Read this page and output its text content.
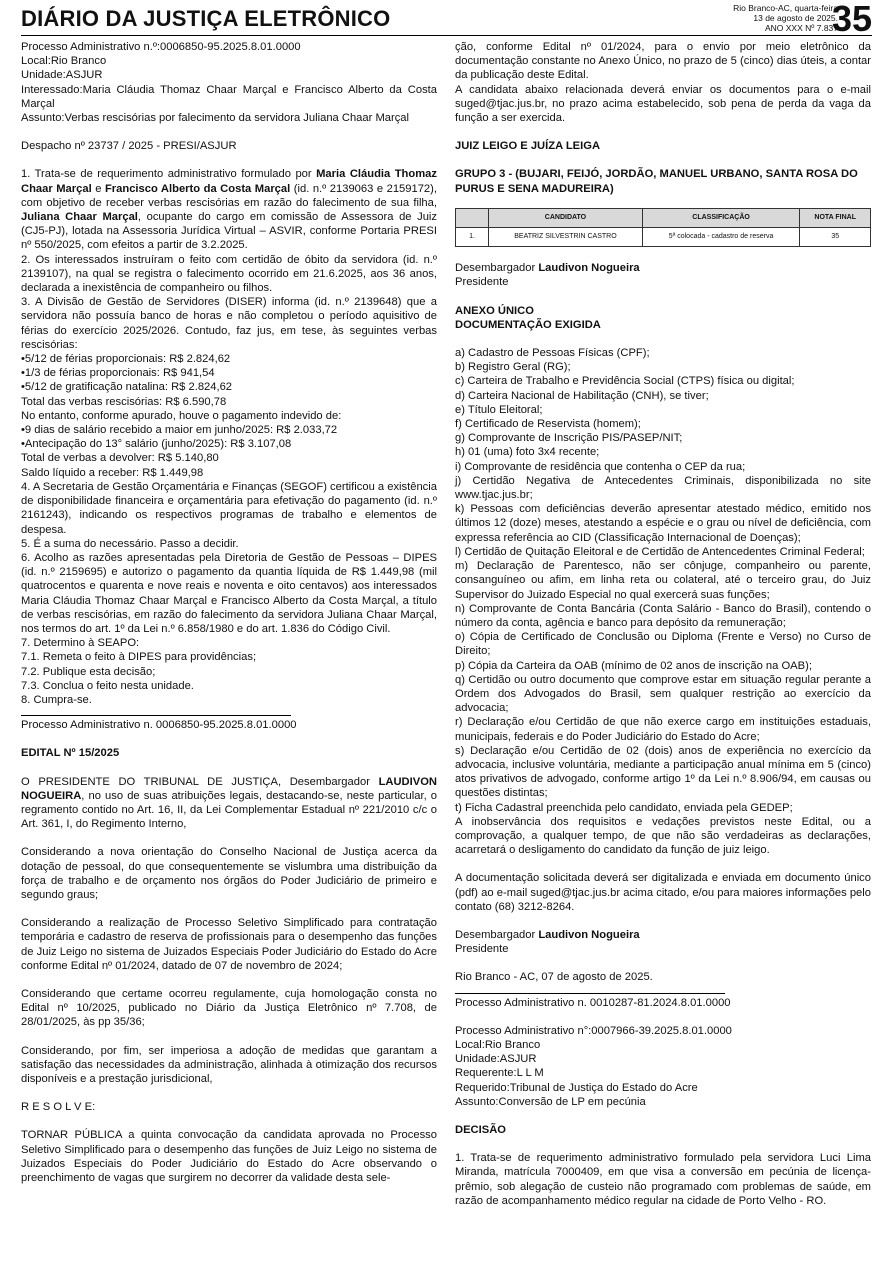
DIÁRIO DA JUSTIÇA ELETRÔNICO	Rio Branco-AC, quarta-feira
13 de agosto de 2025.
ANO XXX Nº 7.837
35

Processo Administrativo n.º:0006850-95.2025.8.01.0000

Local:Rio Branco

Unidade:ASJUR

Interessado:Maria Cláudia Thomaz Chaar Marçal e Francisco Alberto da Costa Marçal

Assunto:Verbas rescisórias por falecimento da servidora Juliana Chaar Marçal

Despacho nº 23737 / 2025 - PRESI/ASJUR

1. Trata-se de requerimento administrativo formulado por Maria Cláudia Thomaz Chaar Marçal e Francisco Alberto da Costa Marçal (id. n.º 2139063 e 2159172), com objetivo de receber verbas rescisórias em razão do falecimento de sua filha, Juliana Chaar Marçal, ocupante do cargo em comissão de Assessora de Juiz (CJ5-PJ), lotada na Assessoria Jurídica Virtual – ASVIR, conforme Portaria PRESI nº 550/2025, com efeitos a partir de 3.2.2025.

2. Os interessados instruíram o feito com certidão de óbito da servidora (id. n.º 2139107), na qual se registra o falecimento ocorrido em 21.6.2025, aos 36 anos, declarada a inexistência de companheiro ou filhos.

3. A Divisão de Gestão de Servidores (DISER) informa (id. n.º 2139648) que a servidora não possuía banco de horas e não completou o período aquisitivo de férias do exercício 2025/2026. Contudo, faz jus, em tese, às seguintes verbas rescisórias:

•5/12 de férias proporcionais: R$ 2.824,62

•1/3 de férias proporcionais: R$ 941,54

•5/12 de gratificação natalina: R$ 2.824,62

Total das verbas rescisórias: R$ 6.590,78

No entanto, conforme apurado, houve o pagamento indevido de:

•9 dias de salário recebido a maior em junho/2025: R$ 2.033,72

•Antecipação do 13° salário (junho/2025): R$ 3.107,08

Total de verbas a devolver: R$ 5.140,80

Saldo líquido a receber: R$ 1.449,98

4. A Secretaria de Gestão Orçamentária e Finanças (SEGOF) certificou a existência de disponibilidade financeira e orçamentária para efetivação do pagamento (id. n.º 2161243), indicando os respectivos programas de trabalho e elementos de despesa.

5. É a suma do necessário. Passo a decidir.

6. Acolho as razões apresentadas pela Diretoria de Gestão de Pessoas – DIPES (id. n.º 2159695) e autorizo o pagamento da quantia líquida de R$ 1.449,98 (mil quatrocentos e quarenta e nove reais e noventa e oito centavos) aos interessados Maria Cláudia Thomaz Chaar Marçal e Francisco Alberto da Costa Marçal, a título de verbas rescisórias, em razão do falecimento da servidora Juliana Chaar Marçal, nos termos do art. 1º da Lei n.º 6.858/1980 e do art. 1.836 do Código Civil.

7. Determino à SEAPO:

7.1. Remeta o feito à DIPES para providências;

7.2. Publique esta decisão;

7.3. Conclua o feito nesta unidade.

8. Cumpra-se.

Processo Administrativo n. 0006850-95.2025.8.01.0000

EDITAL Nº 15/2025

O PRESIDENTE DO TRIBUNAL DE JUSTIÇA, Desembargador LAUDIVON NOGUEIRA, no uso de suas atribuições legais, destacando-se, neste particular, o regramento contido no Art. 16, II, da Lei Complementar Estadual nº 221/2010 c/c o Art. 361, I, do Regimento Interno,

Considerando a nova orientação do Conselho Nacional de Justiça acerca da dotação de pessoal, do que consequentemente se vislumbra uma distribuição da força de trabalho e de orçamento nos órgãos do Poder Judiciário de primeiro e segundo graus;

Considerando a realização de Processo Seletivo Simplificado para contratação temporária e cadastro de reserva de profissionais para o desempenho das funções de Juiz Leigo no sistema de Juizados Especiais Poder Judiciário do Estado do Acre conforme Edital nº 01/2024, datado de 07 de novembro de 2024;

Considerando que certame ocorreu regulamente, cuja homologação consta no Edital nº 10/2025, publicado no Diário da Justiça Eletrônico nº 7.708, de 28/01/2025, às pp 35/36;

Considerando, por fim, ser imperiosa a adoção de medidas que garantam a satisfação das necessidades da administração, alinhada à otimização dos recursos disponíveis e a prestação jurisdicional,

R E S O L V E:

TORNAR PÚBLICA a quinta convocação da candidata aprovada no Processo Seletivo Simplificado para o desempenho das funções de Juiz Leigo no sistema de Juizados Especiais do Poder Judiciário do Estado do Acre observando o preenchimento de vagas que surgirem no decorrer da validade desta sele-

ção, conforme Edital nº 01/2024, para o envio por meio eletrônico da documentação constante no Anexo Único, no prazo de 5 (cinco) dias úteis, a contar da publicação deste Edital.

A candidata abaixo relacionada deverá enviar os documentos para o e-mail suged@tjac.jus.br, no prazo acima estabelecido, sob pena de perda da vaga da função a ser exercida.

JUIZ LEIGO E JUÍZA LEIGA

GRUPO 3 - (BUJARI, FEIJÓ, JORDÃO, MANUEL URBANO, SANTA ROSA DO PURUS E SENA MADUREIRA)

	CANDIDATO	CLASSIFICAÇÃO	NOTA FINAL
1.	BEATRIZ SILVESTRIN CASTRO	5ª colocada - cadastro de reserva	35

Desembargador Laudivon Nogueira

Presidente

ANEXO ÚNICO

DOCUMENTAÇÃO EXIGIDA

a) Cadastro de Pessoas Físicas (CPF);

b) Registro Geral (RG);

c) Carteira de Trabalho e Previdência Social (CTPS) física ou digital;

d) Carteira Nacional de Habilitação (CNH), se tiver;

e) Título Eleitoral;

f) Certificado de Reservista (homem);

g) Comprovante de Inscrição PIS/PASEP/NIT;

h) 01 (uma) foto 3x4 recente;

i) Comprovante de residência que contenha o CEP da rua;

j) Certidão Negativa de Antecedentes Criminais, disponibilizada no site www.tjac.jus.br;

k) Pessoas com deficiências deverão apresentar atestado médico, emitido nos últimos 12 (doze) meses, atestando a espécie e o grau ou nível de deficiência, com expressa referência ao CID (Classificação Internacional de Doenças);

l) Certidão de Quitação Eleitoral e de Certidão de Antencedentes Criminal Federal;

m) Declaração de Parentesco, não ser cônjuge, companheiro ou parente, consanguíneo ou afim, em linha reta ou colateral, até o terceiro grau, do Juiz Supervisor do Juizado Especial no qual exercerá suas funções;

n) Comprovante de Conta Bancária (Conta Salário - Banco do Brasil), contendo o número da conta, agência e banco para depósito da remuneração;

o) Cópia de Certificado de Conclusão ou Diploma (Frente e Verso) no Curso de Direito;

p) Cópia da Carteira da OAB (mínimo de 02 anos de inscrição na OAB);

q) Certidão ou outro documento que comprove estar em situação regular perante a Ordem dos Advogados do Brasil, sem qualquer restrição ao exercício da advocacia;

r) Declaração e/ou Certidão de que não exerce cargo em instituições estaduais, municipais, federais e do Poder Judiciário do Estado do Acre;

s) Declaração e/ou Certidão de 02 (dois) anos de experiência no exercício da advocacia, inclusive voluntária, mediante a participação anual mínima em 5 (cinco) atos privativos de advogado, conforme artigo 1º da Lei n.º 8.906/94, em causas ou questões distintas;

t) Ficha Cadastral preenchida pelo candidato, enviada pela GEDEP;

A inobservância dos requisitos e vedações previstos neste Edital, ou a comprovação, a qualquer tempo, de que não são verdadeiras as declarações, acarretará o desligamento do candidato da função de juiz leigo.

A documentação solicitada deverá ser digitalizada e enviada em documento único (pdf) ao e-mail suged@tjac.jus.br acima citado, e/ou para maiores informações pelo contato (68) 3212-8264.

Desembargador Laudivon Nogueira

Presidente

Rio Branco - AC, 07 de agosto de 2025.

Processo Administrativo n. 0010287-81.2024.8.01.0000

Processo Administrativo n°:0007966-39.2025.8.01.0000

Local:Rio Branco

Unidade:ASJUR

Requerente:L L M

Requerido:Tribunal de Justiça do Estado do Acre

Assunto:Conversão de LP em pecúnia

DECISÃO

1. Trata-se de requerimento administrativo formulado pela servidora Luci Lima Miranda, matrícula 7000409, em que visa a conversão em pecúnia de licença-prêmio, sob alegação de custeio não programado com problemas de saúde, em razão de acompanhamento médico regular na cidade de Porto Velho - RO.
